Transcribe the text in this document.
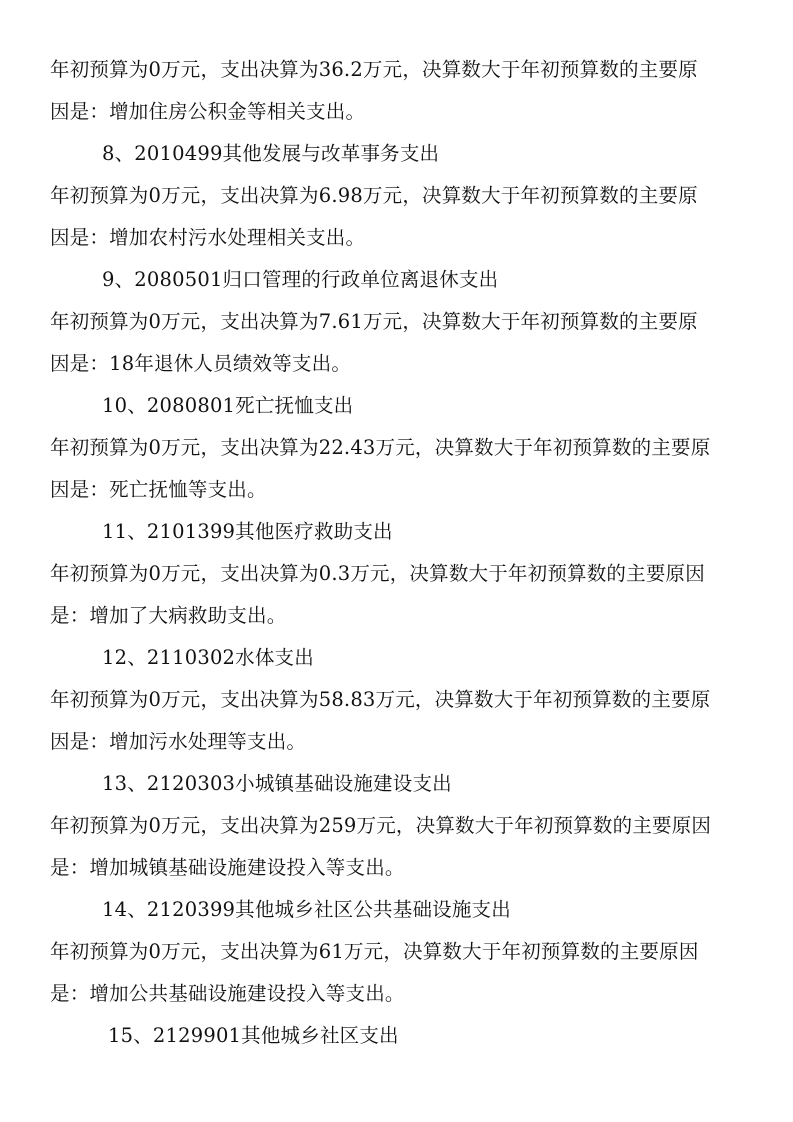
年初预算为0万元，支出决算为36.2万元，决算数大于年初预算数的主要原
因是：增加住房公积金等相关支出。
8、2010499其他发展与改革事务支出
年初预算为0万元，支出决算为6.98万元，决算数大于年初预算数的主要原
因是：增加农村污水处理相关支出。
9、2080501归口管理的行政单位离退休支出
年初预算为0万元，支出决算为7.61万元，决算数大于年初预算数的主要原
因是：18年退休人员绩效等支出。
10、2080801死亡抚恤支出
年初预算为0万元，支出决算为22.43万元，决算数大于年初预算数的主要原
因是：死亡抚恤等支出。
11、2101399其他医疗救助支出
年初预算为0万元，支出决算为0.3万元，决算数大于年初预算数的主要原因
是：增加了大病救助支出。
12、2110302水体支出
年初预算为0万元，支出决算为58.83万元，决算数大于年初预算数的主要原
因是：增加污水处理等支出。
13、2120303小城镇基础设施建设支出
年初预算为0万元，支出决算为259万元，决算数大于年初预算数的主要原因
是：增加城镇基础设施建设投入等支出。
14、2120399其他城乡社区公共基础设施支出
年初预算为0万元，支出决算为61万元，决算数大于年初预算数的主要原因
是：增加公共基础设施建设投入等支出。
15、2129901其他城乡社区支出
